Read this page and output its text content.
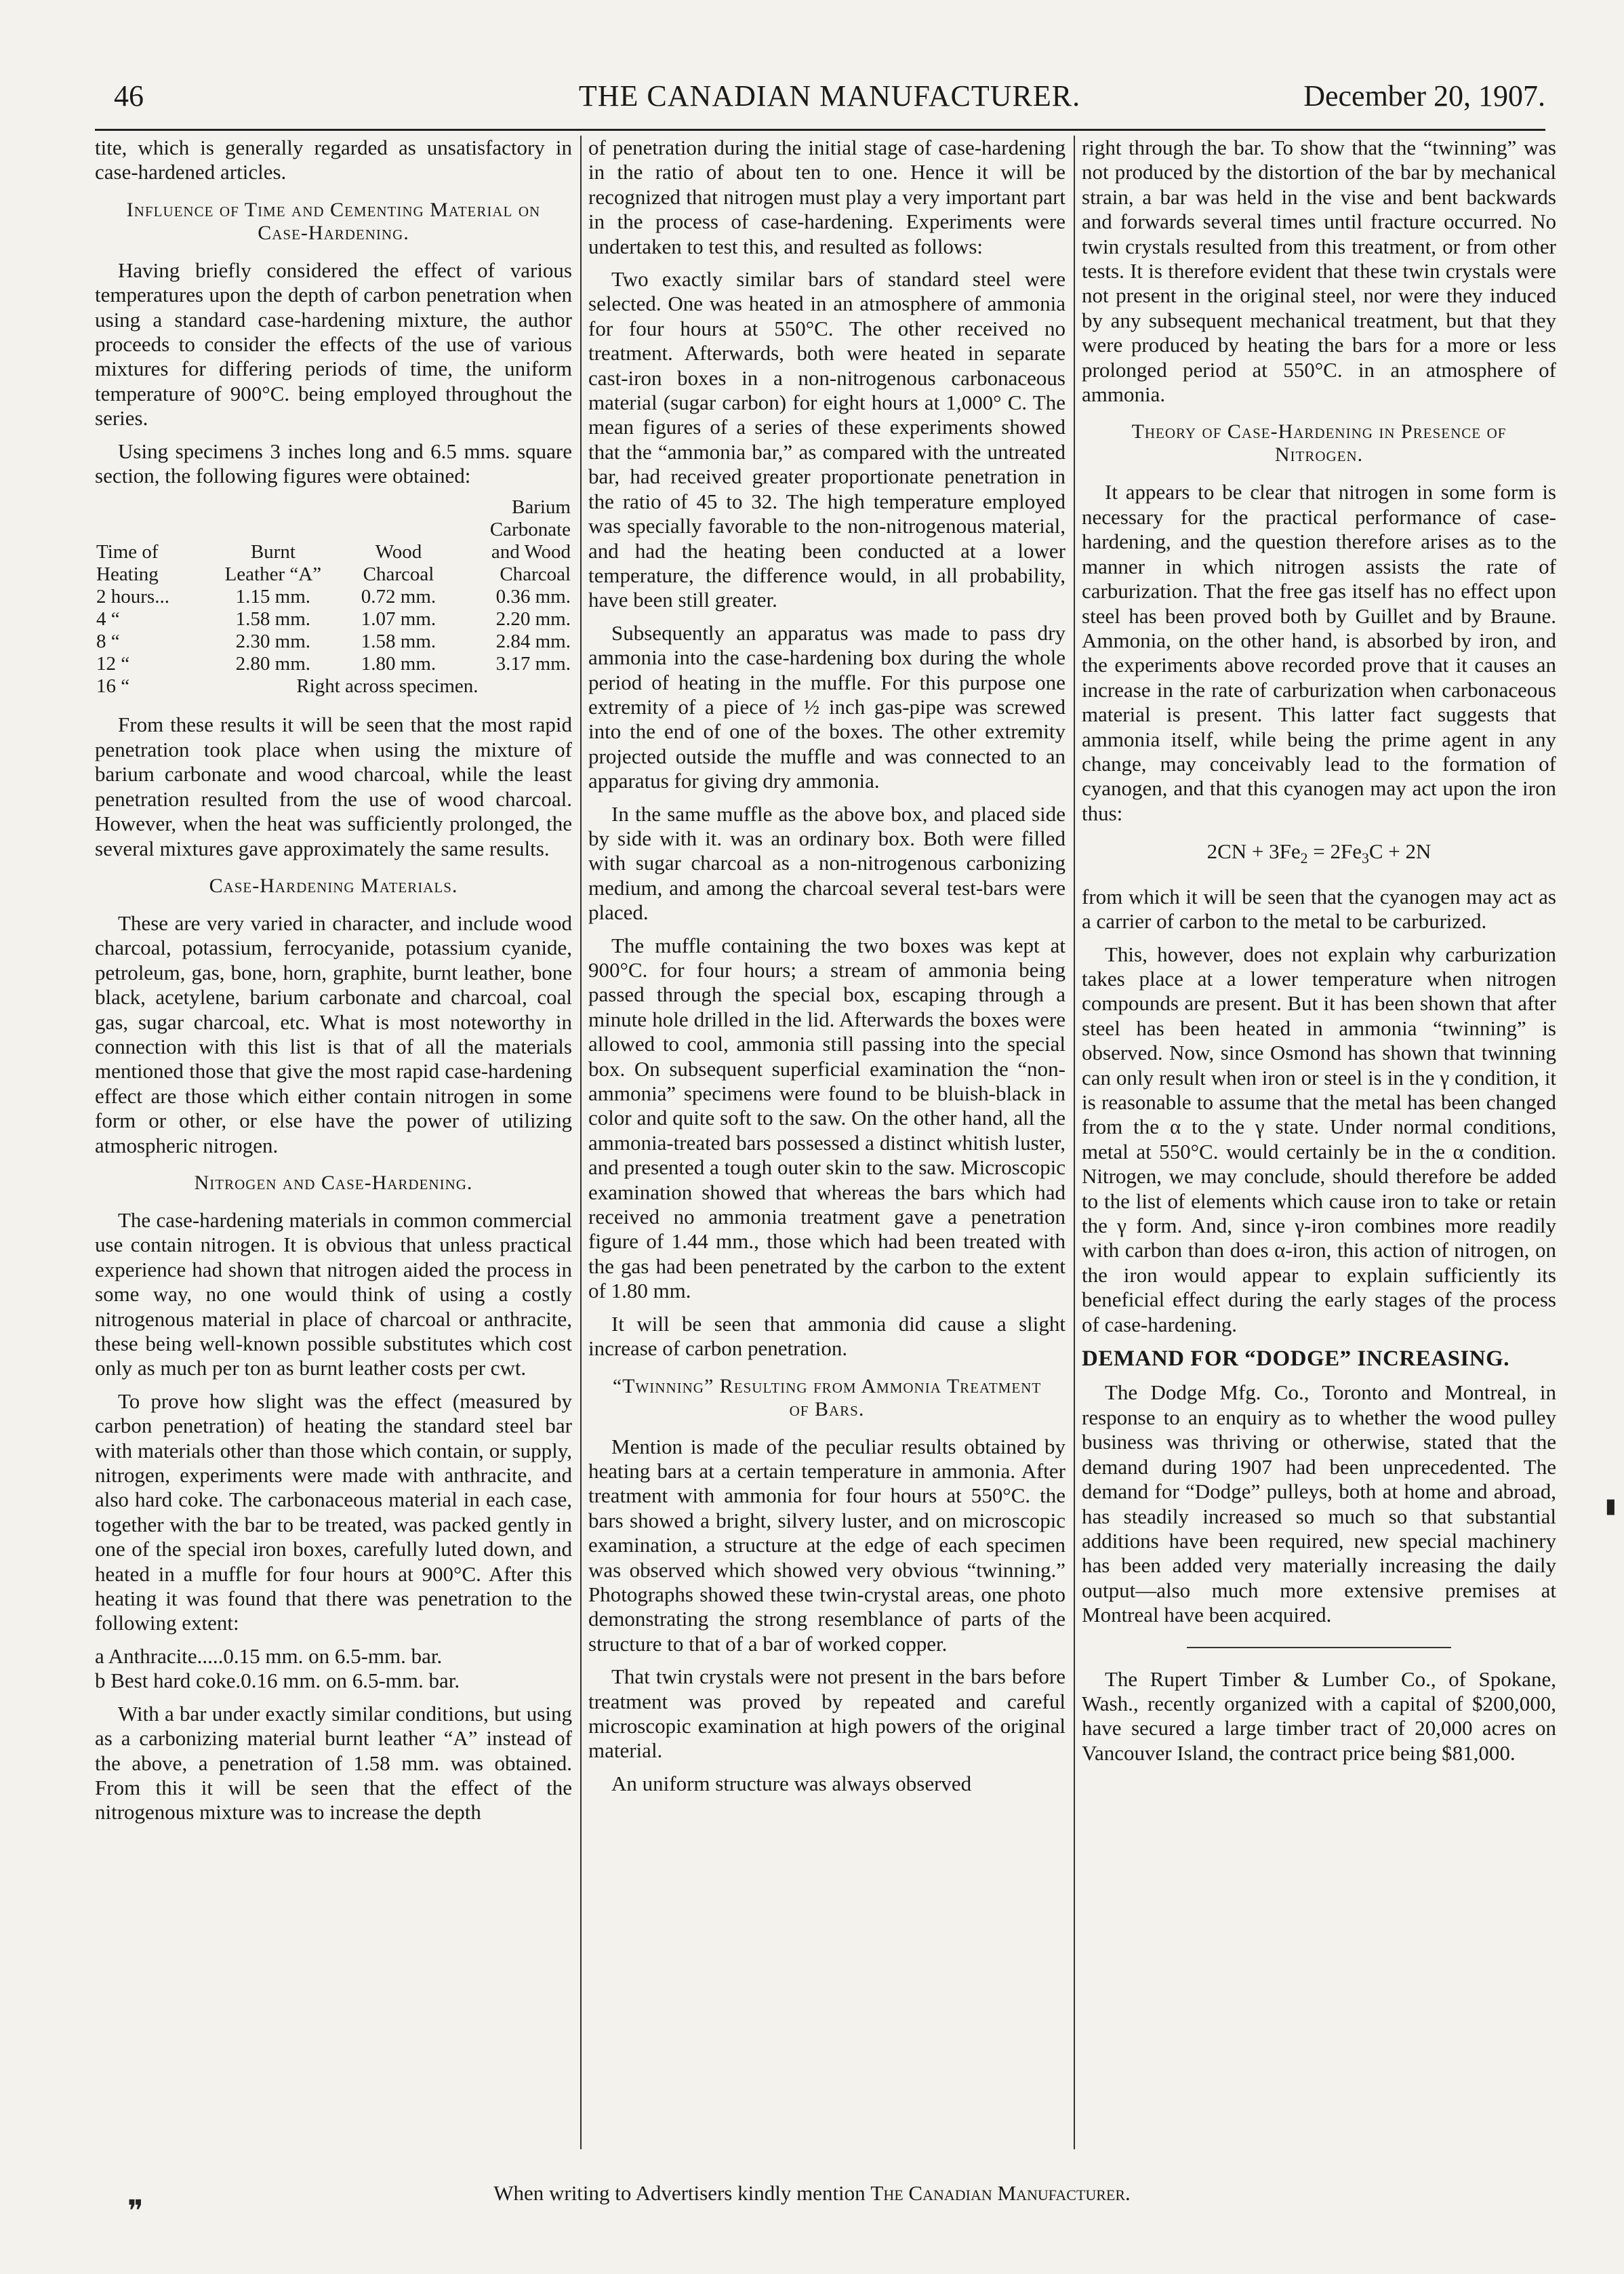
46	THE CANADIAN MANUFACTURER.	December 20, 1907.

tite, which is generally regarded as unsatisfactory in case-hardened articles.

Influence of Time and Cementing Material on Case-Hardening.

Having briefly considered the effect of various temperatures upon the depth of carbon penetration when using a standard case-hardening mixture, the author proceeds to consider the effects of the use of various mixtures for differing periods of time, the uniform temperature of 900°C. being employed throughout the series.

Using specimens 3 inches long and 6.5 mms. square section, the following figures were obtained:

			Barium
			Carbonate
Time of	Burnt	Wood	and Wood
Heating	Leather “A”	Charcoal	Charcoal
2 hours...	1.15 mm.	0.72 mm.	0.36 mm.
4 “	1.58 mm.	1.07 mm.	2.20 mm.
8 “	2.30 mm.	1.58 mm.	2.84 mm.
12 “	2.80 mm.	1.80 mm.	3.17 mm.
16 “	Right across specimen.		

From these results it will be seen that the most rapid penetration took place when using the mixture of barium carbonate and wood charcoal, while the least penetration resulted from the use of wood charcoal. However, when the heat was sufficiently prolonged, the several mixtures gave approximately the same results.

Case-Hardening Materials.

These are very varied in character, and include wood charcoal, potassium, ferrocyanide, potassium cyanide, petroleum, gas, bone, horn, graphite, burnt leather, bone black, acetylene, barium carbonate and charcoal, coal gas, sugar charcoal, etc. What is most noteworthy in connection with this list is that of all the materials mentioned those that give the most rapid case-hardening effect are those which either contain nitrogen in some form or other, or else have the power of utilizing atmospheric nitrogen.

Nitrogen and Case-Hardening.

The case-hardening materials in common commercial use contain nitrogen. It is obvious that unless practical experience had shown that nitrogen aided the process in some way, no one would think of using a costly nitrogenous material in place of charcoal or anthracite, these being well-known possible substitutes which cost only as much per ton as burnt leather costs per cwt.

To prove how slight was the effect (measured by carbon penetration) of heating the standard steel bar with materials other than those which contain, or supply, nitrogen, experiments were made with anthracite, and also hard coke. The carbonaceous material in each case, together with the bar to be treated, was packed gently in one of the special iron boxes, carefully luted down, and heated in a muffle for four hours at 900°C. After this heating it was found that there was penetration to the following extent:

a Anthracite.....0.15 mm. on 6.5-mm. bar.

b Best hard coke.0.16 mm. on 6.5-mm. bar.

With a bar under exactly similar conditions, but using as a carbonizing material burnt leather “A” instead of the above, a penetration of 1.58 mm. was obtained. From this it will be seen that the effect of the nitrogenous mixture was to increase the depth

of penetration during the initial stage of case-hardening in the ratio of about ten to one. Hence it will be recognized that nitrogen must play a very important part in the process of case-hardening. Experiments were undertaken to test this, and resulted as follows:

Two exactly similar bars of standard steel were selected. One was heated in an atmosphere of ammonia for four hours at 550°C. The other received no treatment. Afterwards, both were heated in separate cast-iron boxes in a non-nitrogenous carbonaceous material (sugar carbon) for eight hours at 1,000° C. The mean figures of a series of these experiments showed that the “ammonia bar,” as compared with the untreated bar, had received greater proportionate penetration in the ratio of 45 to 32. The high temperature employed was specially favorable to the non-nitrogenous material, and had the heating been conducted at a lower temperature, the difference would, in all probability, have been still greater.

Subsequently an apparatus was made to pass dry ammonia into the case-hardening box during the whole period of heating in the muffle. For this purpose one extremity of a piece of ½ inch gas-pipe was screwed into the end of one of the boxes. The other extremity projected outside the muffle and was connected to an apparatus for giving dry ammonia.

In the same muffle as the above box, and placed side by side with it. was an ordinary box. Both were filled with sugar charcoal as a non-nitrogenous carbonizing medium, and among the charcoal several test-bars were placed.

The muffle containing the two boxes was kept at 900°C. for four hours; a stream of ammonia being passed through the special box, escaping through a minute hole drilled in the lid. Afterwards the boxes were allowed to cool, ammonia still passing into the special box. On subsequent superficial examination the “non-ammonia” specimens were found to be bluish-black in color and quite soft to the saw. On the other hand, all the ammonia-treated bars possessed a distinct whitish luster, and presented a tough outer skin to the saw. Microscopic examination showed that whereas the bars which had received no ammonia treatment gave a penetration figure of 1.44 mm., those which had been treated with the gas had been penetrated by the carbon to the extent of 1.80 mm.

It will be seen that ammonia did cause a slight increase of carbon penetration.

“Twinning” Resulting from Ammonia Treatment of Bars.

Mention is made of the peculiar results obtained by heating bars at a certain temperature in ammonia. After treatment with ammonia for four hours at 550°C. the bars showed a bright, silvery luster, and on microscopic examination, a structure at the edge of each specimen was observed which showed very obvious “twinning.” Photographs showed these twin-crystal areas, one photo demonstrating the strong resemblance of parts of the structure to that of a bar of worked copper.

That twin crystals were not present in the bars before treatment was proved by repeated and careful microscopic examination at high powers of the original material.

An uniform structure was always observed

right through the bar. To show that the “twinning” was not produced by the distortion of the bar by mechanical strain, a bar was held in the vise and bent backwards and forwards several times until fracture occurred. No twin crystals resulted from this treatment, or from other tests. It is therefore evident that these twin crystals were not present in the original steel, nor were they induced by any subsequent mechanical treatment, but that they were produced by heating the bars for a more or less prolonged period at 550°C. in an atmosphere of ammonia.

Theory of Case-Hardening in Presence of Nitrogen.

It appears to be clear that nitrogen in some form is necessary for the practical performance of case-hardening, and the question therefore arises as to the manner in which nitrogen assists the rate of carburization. That the free gas itself has no effect upon steel has been proved both by Guillet and by Braune. Ammonia, on the other hand, is absorbed by iron, and the experiments above recorded prove that it causes an increase in the rate of carburization when carbonaceous material is present. This latter fact suggests that ammonia itself, while being the prime agent in any change, may conceivably lead to the formation of cyanogen, and that this cyanogen may act upon the iron thus:

$2CN + 3Fe_2 = 2Fe_3C + 2N$

from which it will be seen that the cyanogen may act as a carrier of carbon to the metal to be carburized.

This, however, does not explain why carburization takes place at a lower temperature when nitrogen compounds are present. But it has been shown that after steel has been heated in ammonia “twinning” is observed. Now, since Osmond has shown that twinning can only result when iron or steel is in the γ condition, it is reasonable to assume that the metal has been changed from the α to the γ state. Under normal conditions, metal at 550°C. would certainly be in the α condition. Nitrogen, we may conclude, should therefore be added to the list of elements which cause iron to take or retain the γ form. And, since γ-iron combines more readily with carbon than does α-iron, this action of nitrogen, on the iron would appear to explain sufficiently its beneficial effect during the early stages of the process of case-hardening.

DEMAND FOR “DODGE” INCREASING.

The Dodge Mfg. Co., Toronto and Montreal, in response to an enquiry as to whether the wood pulley business was thriving or otherwise, stated that the demand during 1907 had been unprecedented. The demand for “Dodge” pulleys, both at home and abroad, has steadily increased so much so that substantial additions have been required, new special machinery has been added very materially increasing the daily output—also much more extensive premises at Montreal have been acquired.

The Rupert Timber & Lumber Co., of Spokane, Wash., recently organized with a capital of $200,000, have secured a large timber tract of 20,000 acres on Vancouver Island, the contract price being $81,000.

When writing to Advertisers kindly mention The Canadian Manufacturer.
❞
▮
